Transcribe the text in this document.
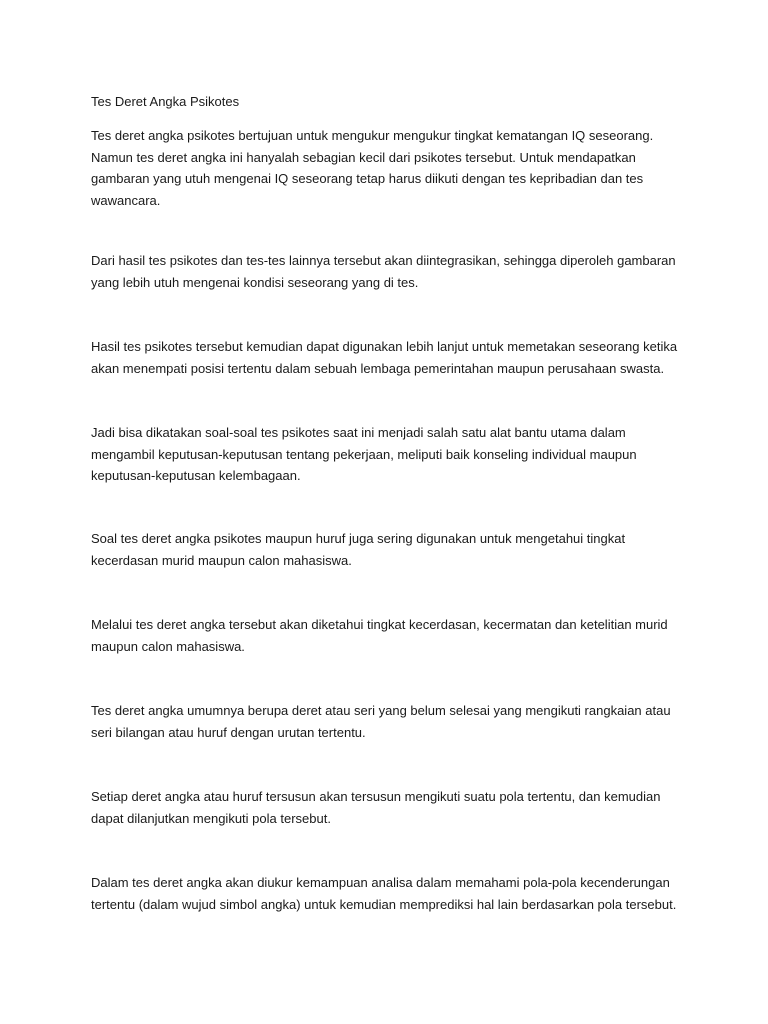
Tes Deret Angka Psikotes

Tes deret angka psikotes bertujuan untuk mengukur mengukur tingkat kematangan IQ seseorang. Namun tes deret angka ini hanyalah sebagian kecil dari psikotes tersebut. Untuk mendapatkan gambaran yang utuh mengenai IQ seseorang tetap harus diikuti dengan tes kepribadian dan tes wawancara.

Dari hasil tes psikotes dan tes-tes lainnya tersebut akan diintegrasikan, sehingga diperoleh gambaran yang lebih utuh mengenai kondisi seseorang yang di tes.

Hasil tes psikotes tersebut kemudian dapat digunakan lebih lanjut untuk memetakan seseorang ketika akan menempati posisi tertentu dalam sebuah lembaga pemerintahan maupun perusahaan swasta.

Jadi bisa dikatakan soal-soal tes psikotes saat ini menjadi salah satu alat bantu utama dalam mengambil keputusan-keputusan tentang pekerjaan, meliputi baik konseling individual maupun keputusan-keputusan kelembagaan.

Soal tes deret angka psikotes maupun huruf juga sering digunakan untuk mengetahui tingkat kecerdasan murid maupun calon mahasiswa.

Melalui tes deret angka tersebut akan diketahui tingkat kecerdasan, kecermatan dan ketelitian murid maupun calon mahasiswa.

Tes deret angka umumnya berupa deret atau seri yang belum selesai yang mengikuti rangkaian atau seri bilangan atau huruf dengan urutan tertentu.

Setiap deret angka atau huruf tersusun akan tersusun mengikuti suatu pola tertentu, dan kemudian dapat dilanjutkan mengikuti pola tersebut.

Dalam tes deret angka akan diukur kemampuan analisa dalam memahami pola-pola kecenderungan tertentu (dalam wujud simbol angka) untuk kemudian memprediksi hal lain berdasarkan pola tersebut.
